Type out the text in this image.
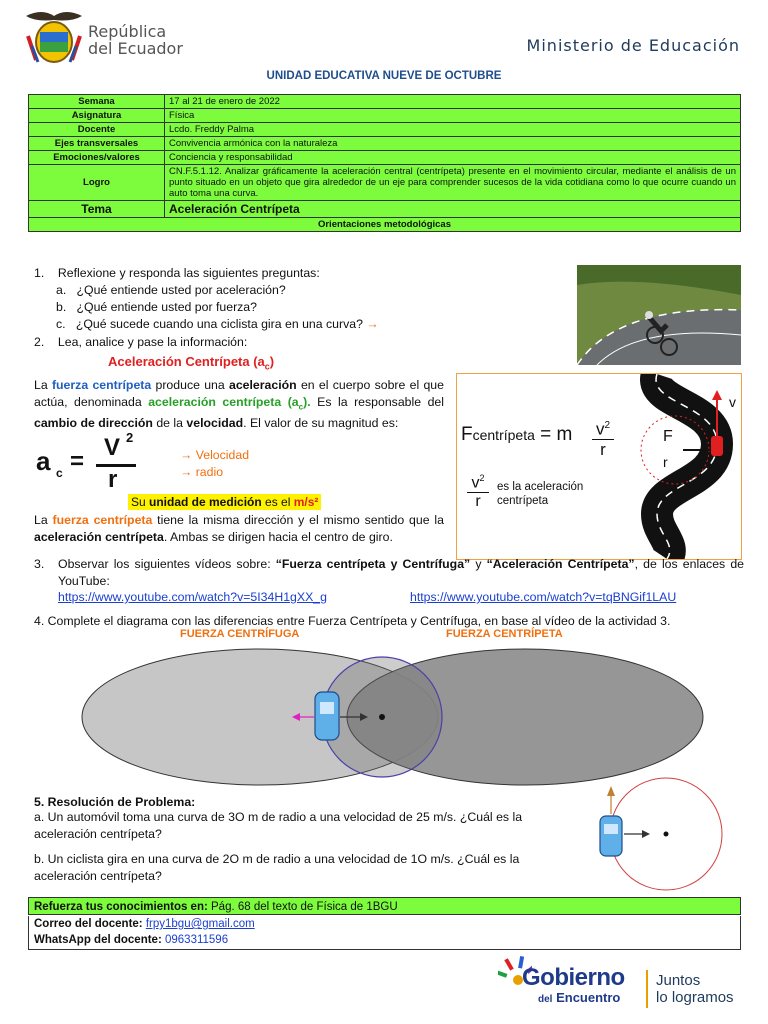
República
del Ecuador	Ministerio de Educación
UNIDAD EDUCATIVA NUEVE DE OCTUBRE
Semana	17 al 21 de enero de 2022
Asignatura	Física
Docente	Lcdo. Freddy Palma
Ejes transversales	Convivencia armónica con la naturaleza
Emociones/valores	Conciencia y responsabilidad
Logro	CN.F.5.1.12. Analizar gráficamente la aceleración central (centrípeta) presente en el movimiento circular, mediante el análisis de un punto situado en un objeto que gira alrededor de un eje para comprender sucesos de la vida cotidiana como lo que ocurre cuando un auto toma una curva.
Tema	Aceleración Centrípeta
Orientaciones metodológicas	
1.    Reflexione y responda las siguientes preguntas:
a.   ¿Qué entiende usted por aceleración?
b.   ¿Qué entiende usted por fuerza?
c.   ¿Qué sucede cuando una ciclista gira en una curva? →
2.    Lea, analice y pase la información:
Aceleración Centrípeta $(a_c)$
La fuerza centrípeta produce una aceleración en el cuerpo sobre el que actúa, denominada aceleración centrípeta $(a_c)$. Es la responsable del cambio de dirección de la velocidad. El valor de su magnitud es:
a c =
V 2
r
→ Velocidad
→ radio
Su unidad de medición es el m/s²
La fuerza centrípeta tiene la misma dirección y el mismo sentido que la aceleración centrípeta. Ambas se dirigen hacia el centro de giro.
Fcentrípeta = m $v^2$
r
$v^2$
r
es la aceleración
centrípeta
F
r
v
3.	Observar los siguientes vídeos sobre: “Fuerza centrípeta y Centrífuga” y “Aceleración Centrípeta”, de los enlaces de YouTube:
https://www.youtube.com/watch?v=5I34H1gXX_g	https://www.youtube.com/watch?v=tqBNGif1LAU
4. Complete el diagrama con las diferencias entre Fuerza Centrípeta y Centrífuga, en base al vídeo de la actividad 3.
FUERZA CENTRÍFUGA	FUERZA CENTRÍPETA
5. Resolución de Problema:
a. Un automóvil toma una curva de 3O m de radio a una velocidad de 25 m/s. ¿Cuál es la aceleración centrípeta?
b. Un ciclista gira en una curva de 2O m de radio a una velocidad de 1O m/s. ¿Cuál es la aceleración centrípeta?
Refuerza tus conocimientos en: Pág. 68 del texto de Física de 1BGU
Correo del docente: frpy1bgu@gmail.com
WhatsApp del docente: 0963311596
Gobierno
del Encuentro
Juntos
lo logramos
